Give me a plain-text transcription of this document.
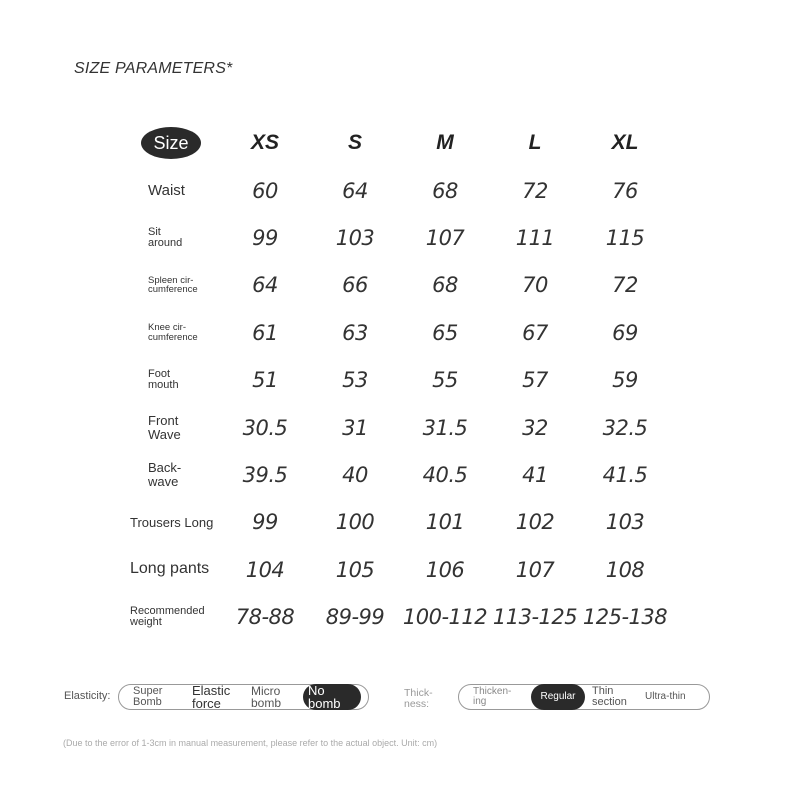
SIZE PARAMETERS*
Size	XS	S	M	L	XL

Waist	60	64	68	72	76

Sit
around	99	103	107	111	115

Spleen cir-
cumference	64	66	68	70	72

Knee cir-
cumference	61	63	65	67	69

Foot
mouth	51	53	55	57	59

Front
Wave	30.5	31	31.5	32	32.5

Back-
wave	39.5	40	40.5	41	41.5

Trousers Long	99	100	101	102	103

Long pants	104	105	106	107	108

Recommended
weight	78-88	89-99	100-112	113-125	125-138
Elasticity: Super
Bomb
Elastic
force
Micro
bomb
No
bomb
Thick-
ness:
Thicken-
ing	Regular Thin
section Ultra-thin
(Due to the error of 1-3cm in manual measurement, please refer to the actual object. Unit: cm)
